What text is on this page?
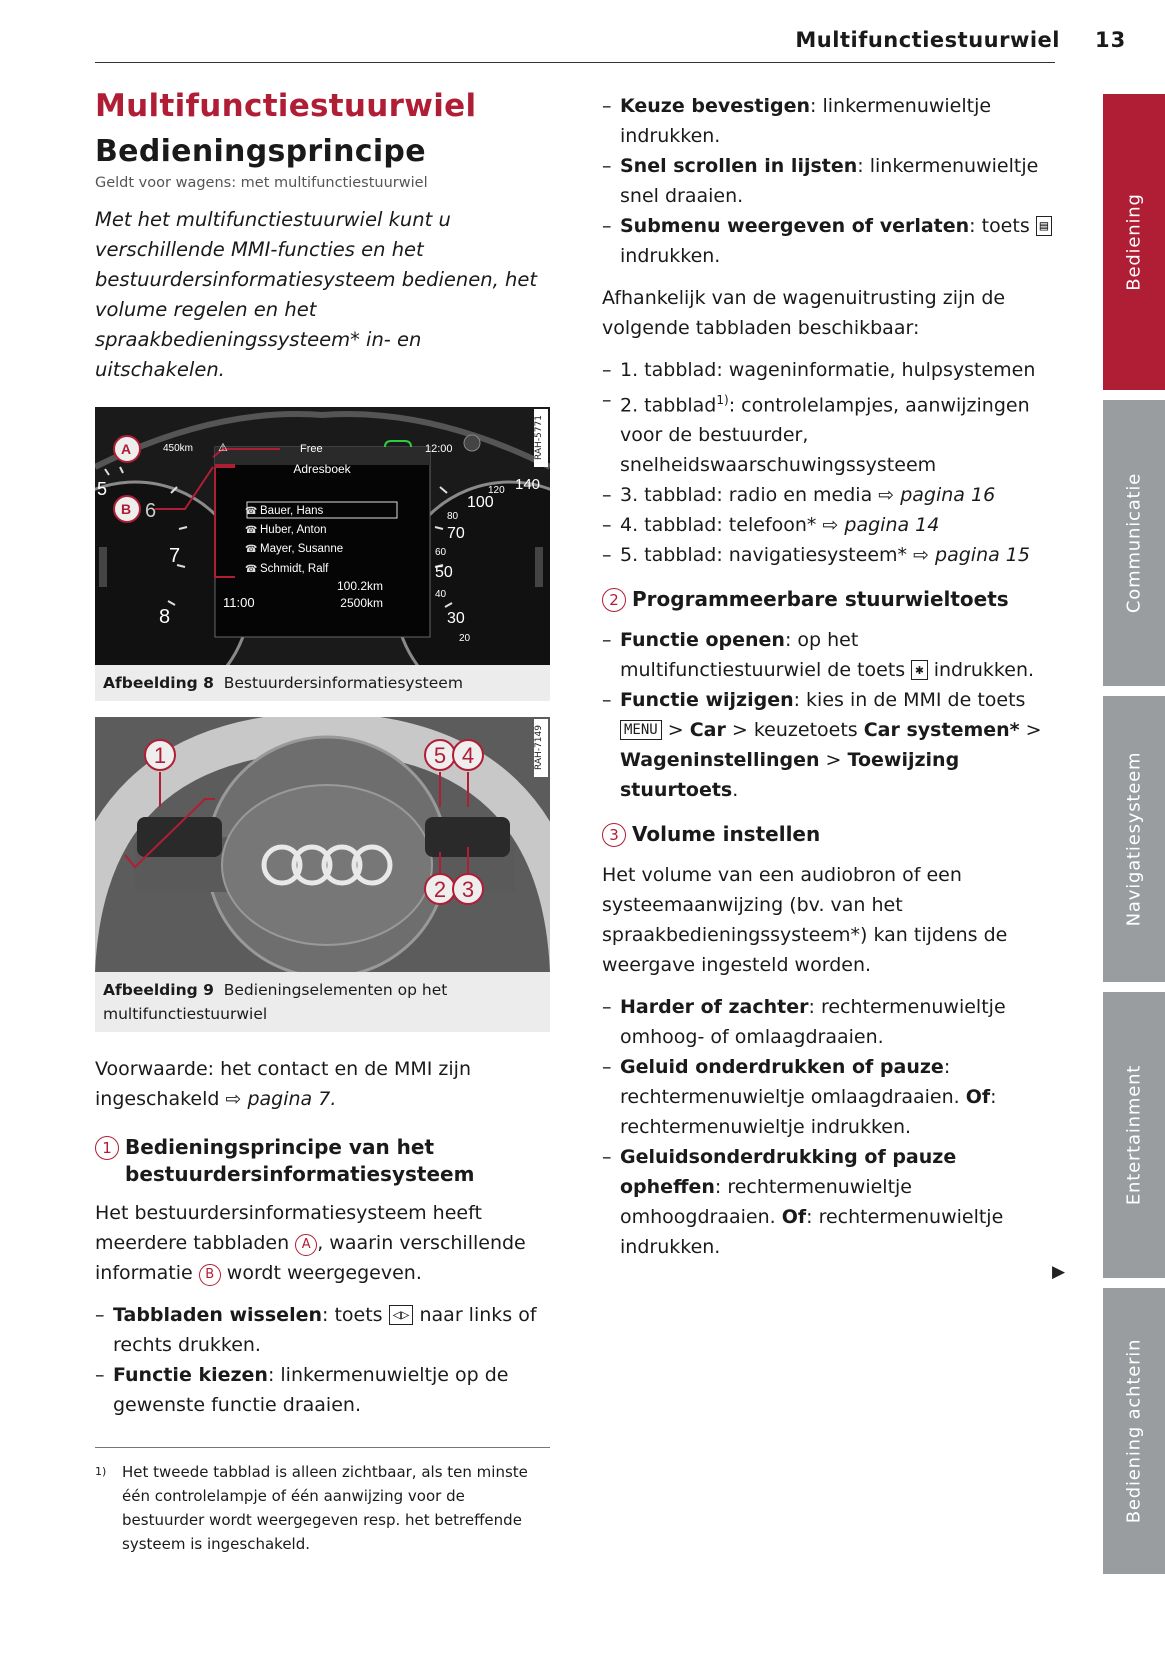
Multifunctiestuurwiel 13
Multifunctiestuurwiel
Bedieningsprincipe
Geldt voor wagens: met multifunctiestuurwiel
Met het multifunctiestuurwiel kunt u verschillende MMI-functies en het bestuurdersinformatiesysteem bedienen, het volume regelen en het spraakbedieningssysteem* in- en uitschakelen.
A
B
450km ⚠	Free	12:00
Adresboek
Bauer, Hans
Huber, Anton
Mayer, Susanne
Schmidt, Ralf
☎
☎
☎
☎
11:00
100.2km
2500km
5
6
7
8
140
120
100
80
70
60
50
40
30
20
RAH-5771
Afbeelding 8 Bestuurdersinformatiesysteem
1	5 4
2 3
RAH-7149
Afbeelding 9 Bedieningselementen op het multifunctiestuurwiel

Voorwaarde: het contact en de MMI zijn ingeschakeld ⇨ pagina 7.

1 Bedieningsprincipe van het bestuurdersinformatiesysteem

Het bestuurdersinformatiesysteem heeft meerdere tabbladen A , waarin verschillende informatie B wordt weergegeven.

– Tabbladen wisselen: toets ◁▷ naar links of rechts drukken.
– Functie kiezen: linkermenuwieltje op de gewenste functie draaien.
1)	Het tweede tabblad is alleen zichtbaar, als ten minste één controlelampje of één aanwijzing voor de bestuurder wordt weergegeven resp. het betreffende systeem is ingeschakeld.
– Keuze bevestigen: linkermenuwieltje indrukken.
– Snel scrollen in lijsten: linkermenuwieltje snel draaien.
– Submenu weergeven of verlaten: toets ▤ indrukken.

Afhankelijk van de wagenuitrusting zijn de volgende tabbladen beschikbaar:

– 1. tabblad: wageninformatie, hulpsystemen
– 2. tabblad$^{1)}$: controlelampjes, aanwijzingen voor de bestuurder, snelheidswaarschuwingssysteem
– 3. tabblad: radio en media ⇨ pagina 16
– 4. tabblad: telefoon* ⇨ pagina 14
– 5. tabblad: navigatiesysteem* ⇨ pagina 15
2 Programmeerbare stuurwieltoets
– Functie openen: op het multifunctiestuurwiel de toets ✱ indrukken.
– Functie wijzigen: kies in de MMI de toets MENU > Car > keuzetoets Car systemen* > Wageninstellingen > Toewijzing stuurtoets.
3 Volume instellen

Het volume van een audiobron of een systeemaanwijzing (bv. van het spraakbedieningssysteem*) kan tijdens de weergave ingesteld worden.

– Harder of zachter: rechtermenuwieltje omhoog- of omlaagdraaien.
– Geluid onderdrukken of pauze: rechtermenuwieltje omlaagdraaien. Of: rechtermenuwieltje indrukken.
– Geluidsonderdrukking of pauze opheffen: rechtermenuwieltje omhoogdraaien. Of: rechtermenuwieltje indrukken.
▶
Bediening
Communicatie
Navigatiesysteem
Entertainment
Bediening achterin
